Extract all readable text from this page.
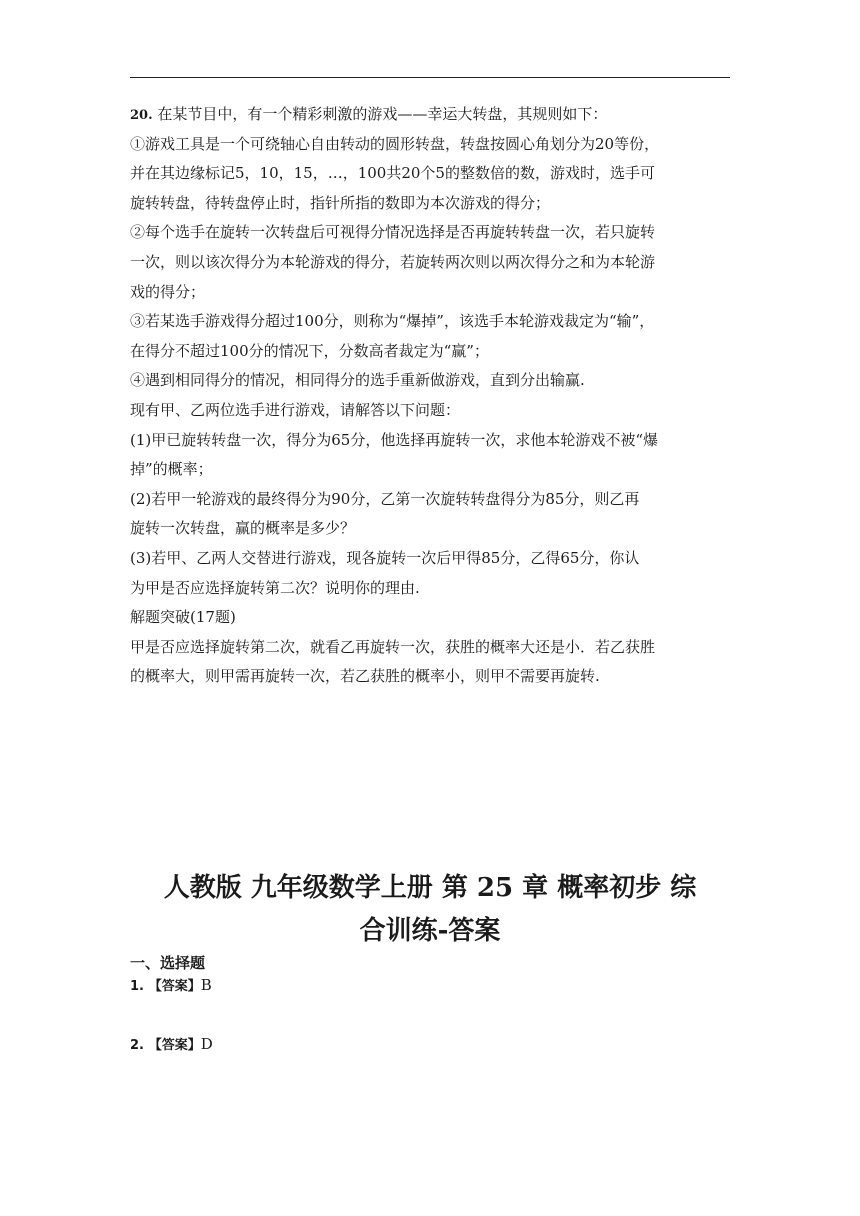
20. 在某节目中，有一个精彩刺激的游戏——幸运大转盘，其规则如下：
①游戏工具是一个可绕轴心自由转动的圆形转盘，转盘按圆心角划分为20等份，
并在其边缘标记5，10，15，…，100共20个5的整数倍的数，游戏时，选手可
旋转转盘，待转盘停止时，指针所指的数即为本次游戏的得分；
②每个选手在旋转一次转盘后可视得分情况选择是否再旋转转盘一次，若只旋转
一次，则以该次得分为本轮游戏的得分，若旋转两次则以两次得分之和为本轮游
戏的得分；
③若某选手游戏得分超过100分，则称为“爆掉”，该选手本轮游戏裁定为“输”，
在得分不超过100分的情况下，分数高者裁定为“赢”；
④遇到相同得分的情况，相同得分的选手重新做游戏，直到分出输赢.
现有甲、乙两位选手进行游戏，请解答以下问题：
(1)甲已旋转转盘一次，得分为65分，他选择再旋转一次，求他本轮游戏不被“爆
掉”的概率；
(2)若甲一轮游戏的最终得分为90分，乙第一次旋转转盘得分为85分，则乙再
旋转一次转盘，赢的概率是多少？
(3)若甲、乙两人交替进行游戏，现各旋转一次后甲得85分，乙得65分，你认
为甲是否应选择旋转第二次？说明你的理由.
解题突破(17题)
甲是否应选择旋转第二次，就看乙再旋转一次，获胜的概率大还是小．若乙获胜
的概率大，则甲需再旋转一次，若乙获胜的概率小，则甲不需要再旋转.
人教版 九年级数学上册 第 25 章 概率初步 综
合训练-答案
一、选择题
1. 【答案】B
2. 【答案】D
